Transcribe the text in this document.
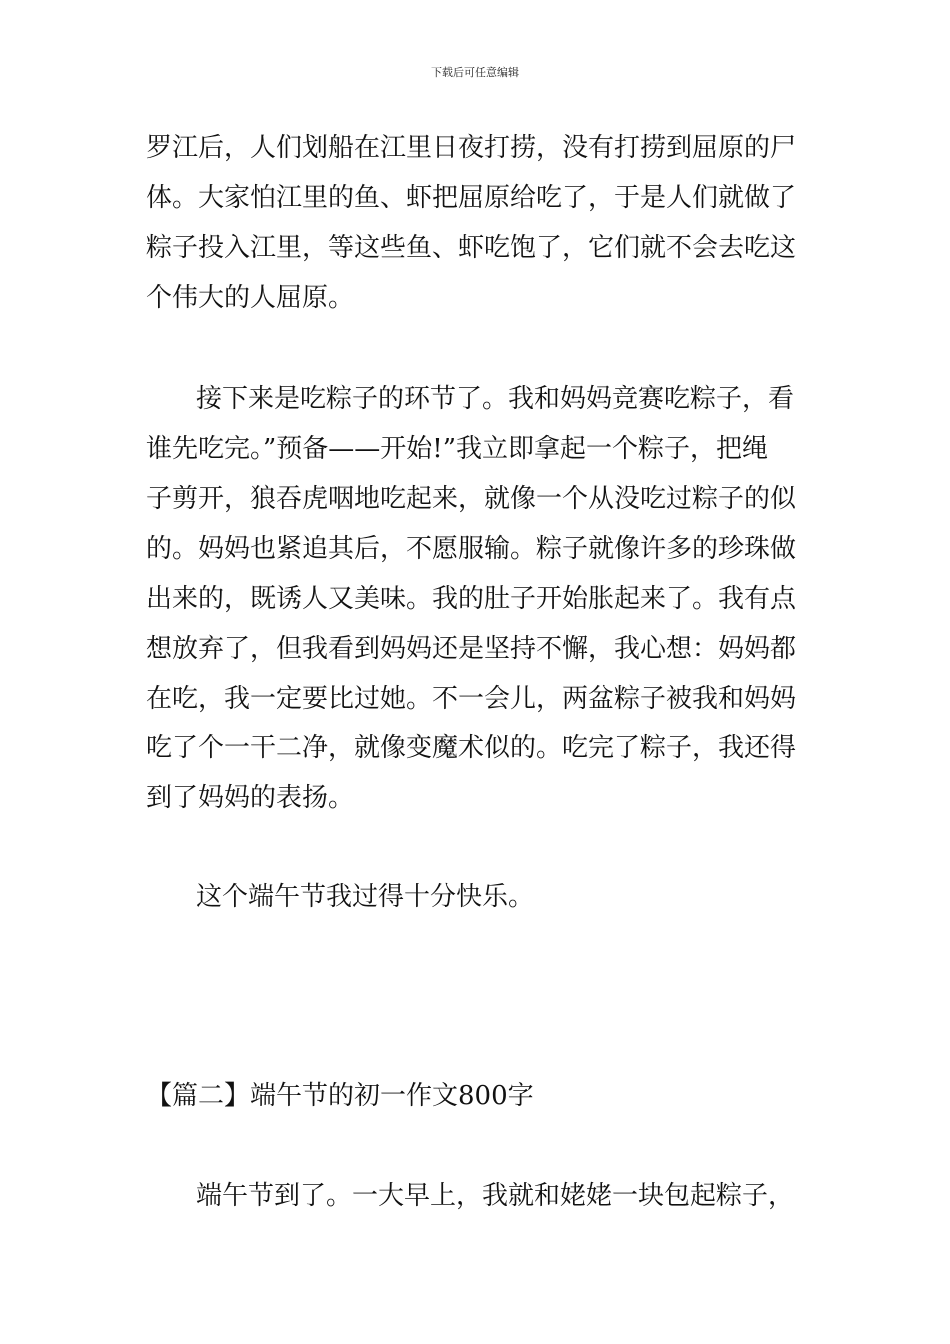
下载后可任意编辑
罗江后，人们划船在江里日夜打捞，没有打捞到屈原的尸
体。大家怕江里的鱼、虾把屈原给吃了，于是人们就做了
粽子投入江里，等这些鱼、虾吃饱了，它们就不会去吃这
个伟大的人屈原。
接下来是吃粽子的环节了。我和妈妈竞赛吃粽子，看
谁先吃完。”预备——开始!”我立即拿起一个粽子，把绳
子剪开，狼吞虎咽地吃起来，就像一个从没吃过粽子的似
的。妈妈也紧追其后，不愿服输。粽子就像许多的珍珠做
出来的，既诱人又美味。我的肚子开始胀起来了。我有点
想放弃了，但我看到妈妈还是坚持不懈，我心想：妈妈都
在吃，我一定要比过她。不一会儿，两盆粽子被我和妈妈
吃了个一干二净，就像变魔术似的。吃完了粽子，我还得
到了妈妈的表扬。
这个端午节我过得十分快乐。
【篇二】端午节的初一作文800字
端午节到了。一大早上，我就和姥姥一块包起粽子，
